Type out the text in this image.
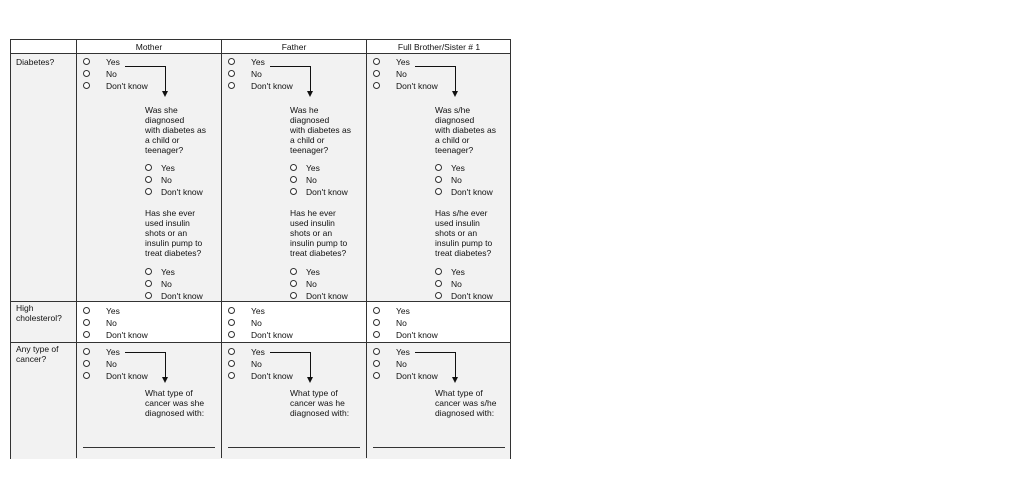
Mother	Father	Full Brother/Sister # 1
Diabetes?
High
cholesterol?
Any type of
cancer?
Yes
No
Don't know
Was she
diagnosed
with diabetes as
a child or
teenager?
Yes
No
Don't know
Has she ever
used insulin
shots or an
insulin pump to
treat diabetes?
Yes
No
Don't know
Yes
No
Don't know
Yes
No
Don't know
What type of
cancer was she
diagnosed with:
Yes
No
Don't know
Was he
diagnosed
with diabetes as
a child or
teenager?
Yes
No
Don't know
Has he ever
used insulin
shots or an
insulin pump to
treat diabetes?
Yes
No
Don't know
Yes
No
Don't know
Yes
No
Don't know
What type of
cancer was he
diagnosed with:
Yes
No
Don't know
Was s/he
diagnosed
with diabetes as
a child or
teenager?
Yes
No
Don't know
Has s/he ever
used insulin
shots or an
insulin pump to
treat diabetes?
Yes
No
Don't know
Yes
No
Don't know
Yes
No
Don't know
What type of
cancer was s/he
diagnosed with:
